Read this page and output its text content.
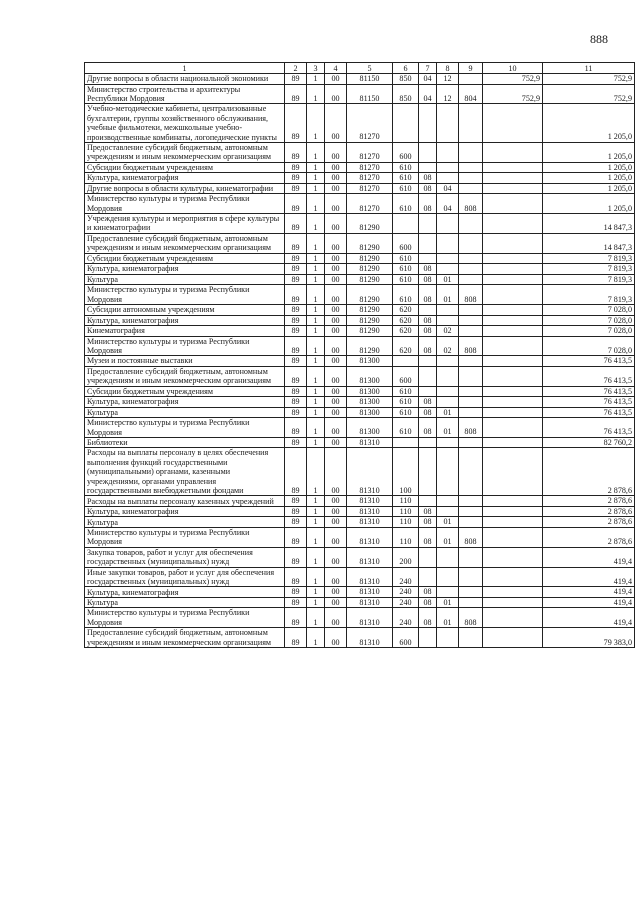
888
1	2	3	4	5	6	7	8	9	10	11
Другие вопросы в области национальной экономики	89	1	00	81150	850	04	12		752,9	752,9
Министерство строительства и архитектуры Республики Мордовия	89	1	00	81150	850	04	12	804	752,9	752,9
Учебно-методические кабинеты, централизованные бухгалтерии, группы хозяйственного обслуживания, учебные фильмотеки, межшкольные учебно-производственные комбинаты, логопедические пункты	89	1	00	81270						1 205,0
Предоставление субсидий бюджетным, автономным учреждениям и иным некоммерческим организациям	89	1	00	81270	600					1 205,0
Субсидии бюджетным учреждениям	89	1	00	81270	610					1 205,0
Культура, кинематография	89	1	00	81270	610	08				1 205,0
Другие вопросы в области культуры, кинематографии	89	1	00	81270	610	08	04			1 205,0
Министерство культуры и туризма Республики Мордовия	89	1	00	81270	610	08	04	808		1 205,0
Учреждения культуры и мероприятия в сфере культуры и кинематографии	89	1	00	81290						14 847,3
Предоставление субсидий бюджетным, автономным учреждениям и иным некоммерческим организациям	89	1	00	81290	600					14 847,3
Субсидии бюджетным учреждениям	89	1	00	81290	610					7 819,3
Культура, кинематография	89	1	00	81290	610	08				7 819,3
Культура	89	1	00	81290	610	08	01			7 819,3
Министерство культуры и туризма Республики Мордовия	89	1	00	81290	610	08	01	808		7 819,3
Субсидии автономным учреждениям	89	1	00	81290	620					7 028,0
Культура, кинематография	89	1	00	81290	620	08				7 028,0
Кинематография	89	1	00	81290	620	08	02			7 028,0
Министерство культуры и туризма Республики Мордовия	89	1	00	81290	620	08	02	808		7 028,0
Музеи и постоянные выставки	89	1	00	81300						76 413,5
Предоставление субсидий бюджетным, автономным учреждениям и иным некоммерческим организациям	89	1	00	81300	600					76 413,5
Субсидии бюджетным учреждениям	89	1	00	81300	610					76 413,5
Культура, кинематография	89	1	00	81300	610	08				76 413,5
Культура	89	1	00	81300	610	08	01			76 413,5
Министерство культуры и туризма Республики Мордовия	89	1	00	81300	610	08	01	808		76 413,5
Библиотеки	89	1	00	81310						82 760,2
Расходы на выплаты персоналу в целях обеспечения выполнения функций государственными (муниципальными) органами, казенными учреждениями, органами управления государственными внебюджетными фондами	89	1	00	81310	100					2 878,6
Расходы на выплаты персоналу казенных учреждений	89	1	00	81310	110					2 878,6
Культура, кинематография	89	1	00	81310	110	08				2 878,6
Культура	89	1	00	81310	110	08	01			2 878,6
Министерство культуры и туризма Республики Мордовия	89	1	00	81310	110	08	01	808		2 878,6
Закупка товаров, работ и услуг для обеспечения государственных (муниципальных) нужд	89	1	00	81310	200					419,4
Иные закупки товаров, работ и услуг для обеспечения государственных (муниципальных) нужд	89	1	00	81310	240					419,4
Культура, кинематография	89	1	00	81310	240	08				419,4
Культура	89	1	00	81310	240	08	01			419,4
Министерство культуры и туризма Республики Мордовия	89	1	00	81310	240	08	01	808		419,4
Предоставление субсидий бюджетным, автономным учреждениям и иным некоммерческим организациям	89	1	00	81310	600					79 383,0
